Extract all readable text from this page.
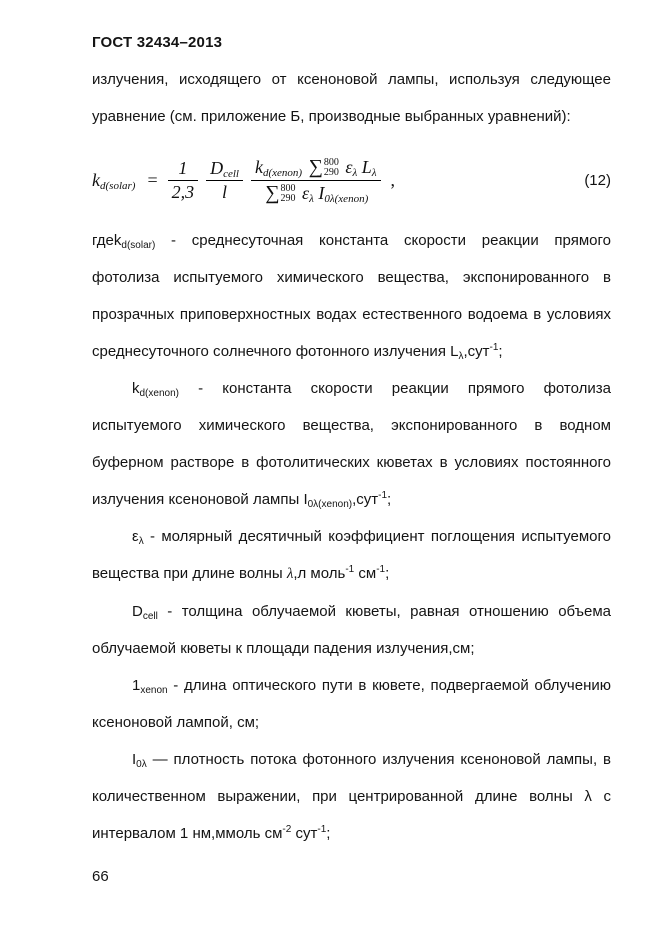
ГОСТ 32434–2013

излучения, исходящего от ксеноновой лампы, используя следующее уравнение (см. приложение Б, производные выбранных уравнений):

$k_{d(solar)} = \frac{1}{2,3} \frac{D_{cell}}{l} k_{d(xenon)}$ ∑ 800
290 $\varepsilon_\lambda$ $L_\lambda$
∑ 800
290 $\varepsilon_\lambda$ $I_{0\lambda(xenon)}$ ,	(12)

гдеk$_{d(solar)}$ - среднесуточная константа скорости реакции прямого фотолиза испытуемого химического вещества, экспонированного в прозрачных приповерхностных водах естественного водоема в условиях среднесуточного солнечного фотонного излучения $L_\lambda,сут^{-1}$;

$k_{d(xenon)}$ - константа скорости реакции прямого фотолиза испытуемого химического вещества, экспонированного в водном буферном растворе в фотолитических кюветах в условиях постоянного излучения ксеноновой лампы $I_{0\lambda(xenon)},сут^{-1}$;

$\varepsilon_\lambda$ - молярный десятичный коэффициент поглощения испытуемого вещества при длине волны λ,л моль$^{-1}$ $см^{-1}$;

$D_{cell}$ - толщина облучаемой кюветы, равная отношению объема облучаемой кюветы к площади падения излучения,см;

$1_{xenon}$ - длина оптического пути в кювете, подвергаемой облучению ксеноновой лампой, см;

$I_{0\lambda}$ — плотность потока фотонного излучения ксеноновой лампы, в количественном выражении, при центрированной длине волны λ с интервалом 1 нм,ммоль $см^{-2}$ сут$^{-1}$;

66
